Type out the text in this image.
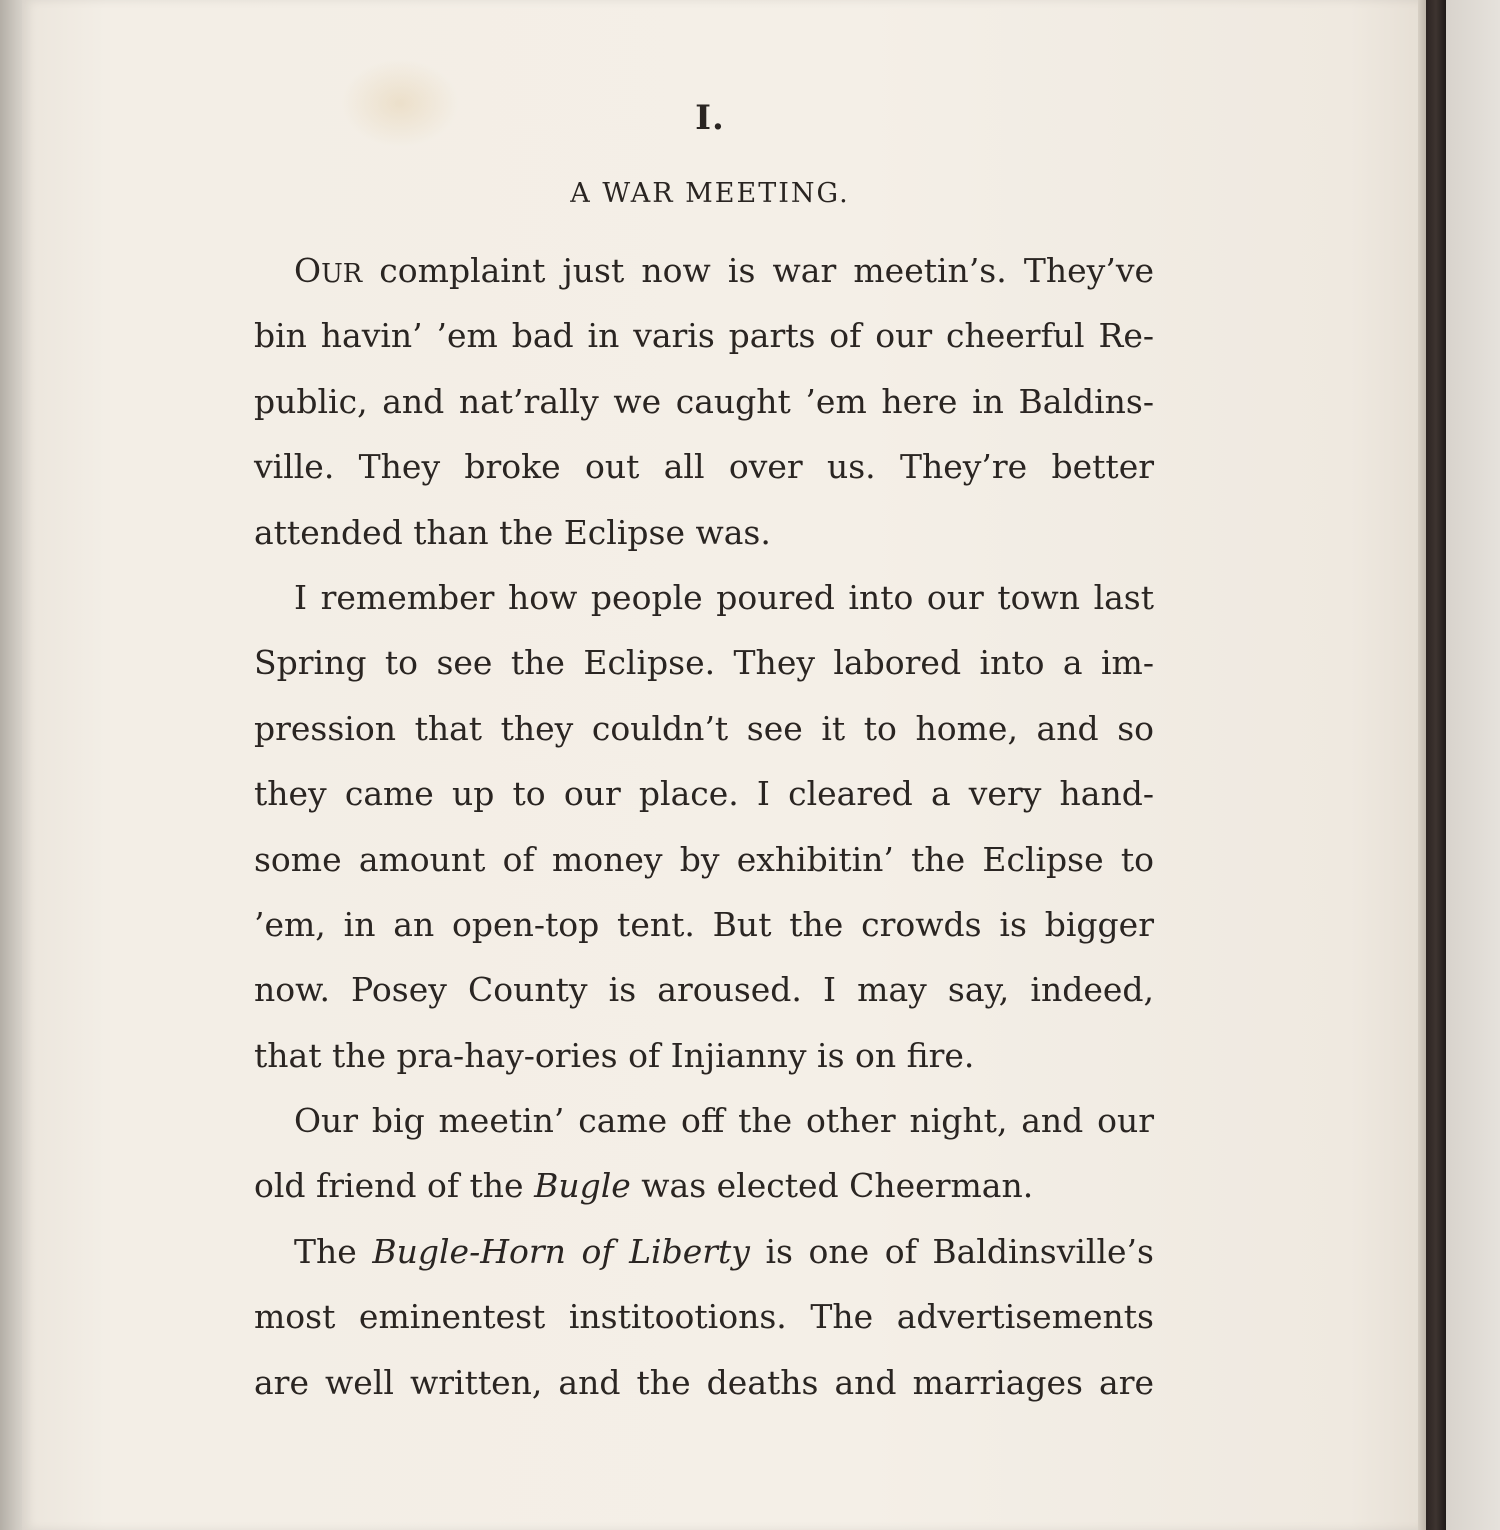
I.
A WAR MEETING.
OUR complaint just now is war meetin’s. They’ve
bin havin’ ’em bad in varis parts of our cheerful Re-
public, and nat’rally we caught ’em here in Baldins-
ville. They broke out all over us. They’re better
attended than the Eclipse was.
I remember how people poured into our town last
Spring to see the Eclipse. They labored into a im-
pression that they couldn’t see it to home, and so
they came up to our place. I cleared a very hand-
some amount of money by exhibitin’ the Eclipse to
’em, in an open-top tent. But the crowds is bigger
now. Posey County is aroused. I may say, indeed,
that the pra-hay-ories of Injianny is on fire.
Our big meetin’ came off the other night, and our
old friend of the Bugle was elected Cheerman.
The Bugle-Horn of Liberty is one of Baldinsville’s
most eminentest institootions. The advertisements
are well written, and the deaths and marriages are
